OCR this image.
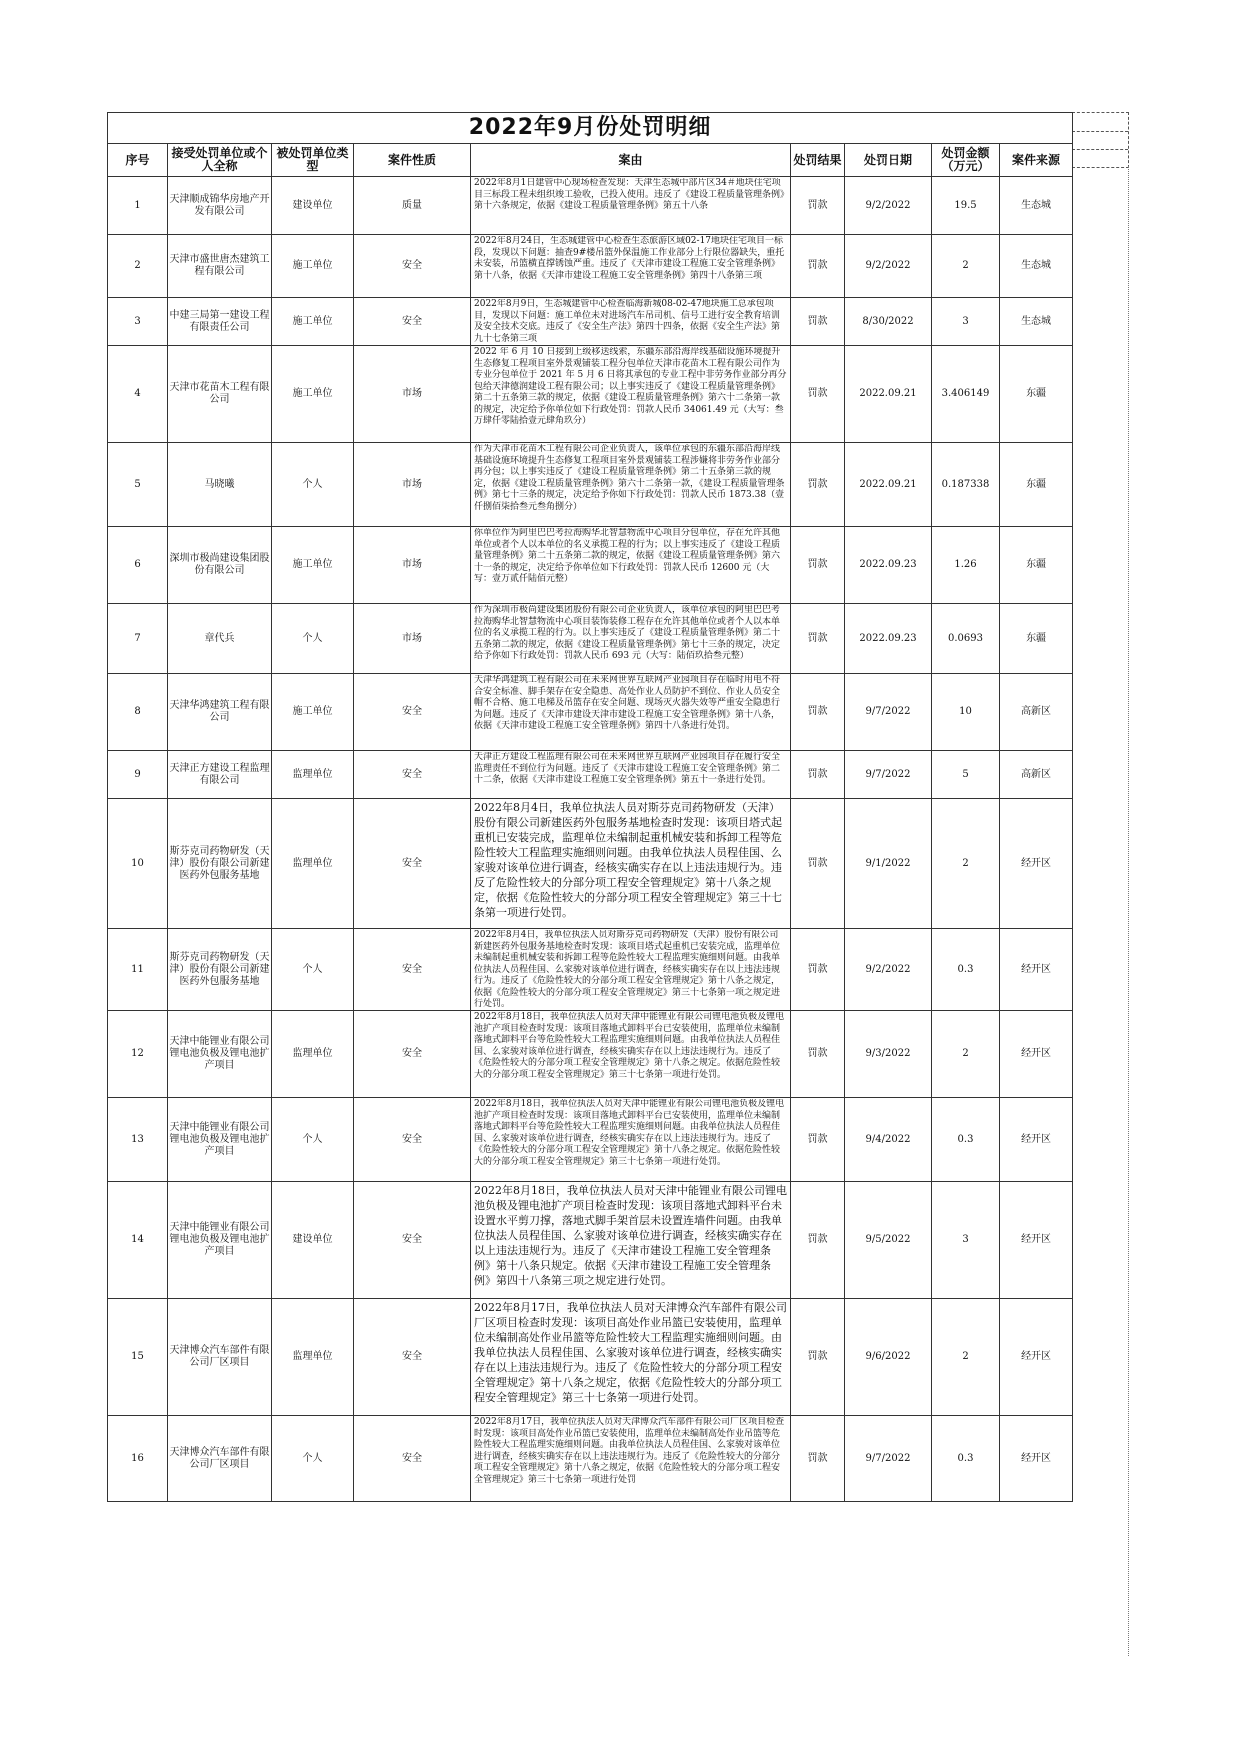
2022年9月份处罚明细								
序号	接受处罚单位或个人全称	被处罚单位类型	案件性质	案由	处罚结果	处罚日期	处罚金额（万元）	案件来源
1	天津顺成锦华房地产开发有限公司	建设单位	质量	2022年8月1日建管中心现场检查发现：天津生态城中部片区34＃地块住宅项目三标段工程未组织竣工验收，已投入使用。违反了《建设工程质量管理条例》第十六条规定，依据《建设工程质量管理条例》第五十八条	罚款	9/2/2022	19.5	生态城
2	天津市盛世唐杰建筑工程有限公司	施工单位	安全	2022年8月24日，生态城建管中心检查生态旅游区域02-17地块住宅项目一标段，发现以下问题：抽查9#楼吊篮外保温施工作业部分上行限位器缺失，重托未安装，吊篮横直撑锈蚀严重。违反了《天津市建设工程施工安全管理条例》第十八条，依据《天津市建设工程施工安全管理条例》第四十八条第三项	罚款	9/2/2022	2	生态城
3	中建三局第一建设工程有限责任公司	施工单位	安全	2022年8月9日，生态城建管中心检查临海新城08-02-47地块施工总承包项目，发现以下问题：施工单位未对进场汽车吊司机、信号工进行安全教育培训及安全技术交底。违反了《安全生产法》第四十四条，依据《安全生产法》第九十七条第三项	罚款	8/30/2022	3	生态城
4	天津市花苗木工程有限公司	施工单位	市场	2022 年 6 月 10 日接到上级移送线索，东疆东部沿海岸线基础设施环境提升生态修复工程项目室外景观铺装工程分包单位天津市花苗木工程有限公司作为专业分包单位于 2021 年 5 月 6 日将其承包的专业工程中非劳务作业部分再分包给天津德润建设工程有限公司；以上事实违反了《建设工程质量管理条例》第二十五条第三款的规定，依据《建设工程质量管理条例》第六十二条第一款的规定，决定给予你单位如下行政处罚：罚款人民币 34061.49 元（大写：叁万肆仟零陆拾壹元肆角玖分）	罚款	2022.09.21	3.406149	东疆
5	马晓曦	个人	市场	作为天津市花苗木工程有限公司企业负责人，该单位承包的东疆东部沿海岸线基础设施环境提升生态修复工程项目室外景观铺装工程涉嫌将非劳务作业部分再分包；以上事实违反了《建设工程质量管理条例》第二十五条第三款的规定，依据《建设工程质量管理条例》第六十二条第一款，《建设工程质量管理条例》第七十三条的规定，决定给予你如下行政处罚：罚款人民币 1873.38（壹仟捌佰柒拾叁元叁角捌分）	罚款	2022.09.21	0.187338	东疆
6	深圳市极尚建设集团股份有限公司	施工单位	市场	你单位作为阿里巴巴考拉海购华北智慧物流中心项目分包单位，存在允许其他单位或者个人以本单位的名义承揽工程的行为；以上事实违反了《建设工程质量管理条例》第二十五条第二款的规定，依据《建设工程质量管理条例》第六十一条的规定，决定给予你单位如下行政处罚：罚款人民币 12600 元（大写：壹万贰仟陆佰元整）	罚款	2022.09.23	1.26	东疆
7	章代兵	个人	市场	作为深圳市极尚建设集团股份有限公司企业负责人，该单位承包的阿里巴巴考拉海购华北智慧物流中心项目装饰装修工程存在允许其他单位或者个人以本单位的名义承揽工程的行为。以上事实违反了《建设工程质量管理条例》第二十五条第二款的规定，依据《建设工程质量管理条例》第七十三条的规定，决定给予你如下行政处罚：罚款人民币 693 元（大写：陆佰玖拾叁元整）	罚款	2022.09.23	0.0693	东疆
8	天津华鸿建筑工程有限公司	施工单位	安全	天津华鸿建筑工程有限公司在未来网世界互联网产业园项目存在临时用电不符合安全标准、脚手架存在安全隐患、高处作业人员防护不到位、作业人员安全帽不合格、施工电梯及吊篮存在安全问题、现场灭火器失效等严重安全隐患行为问题。违反了《天津市建设天津市建设工程施工安全管理条例》第十八条，依据《天津市建设工程施工安全管理条例》第四十八条进行处罚。	罚款	9/7/2022	10	高新区
9	天津正方建设工程监理有限公司	监理单位	安全	天津正方建设工程监理有限公司在未来网世界互联网产业园项目存在履行安全监理责任不到位行为问题。违反了《天津市建设工程施工安全管理条例》第二十二条，依据《天津市建设工程施工安全管理条例》第五十一条进行处罚。	罚款	9/7/2022	5	高新区
10	斯芬克司药物研发（天津）股份有限公司新建医药外包服务基地	监理单位	安全	2022年8月4日，我单位执法人员对斯芬克司药物研发（天津）股份有限公司新建医药外包服务基地检查时发现：该项目塔式起重机已安装完成，监理单位未编制起重机械安装和拆卸工程等危险性较大工程监理实施细则问题。由我单位执法人员程佳国、么家骏对该单位进行调查，经核实确实存在以上违法违规行为。违反了危险性较大的分部分项工程安全管理规定》第十八条之规定，依据《危险性较大的分部分项工程安全管理规定》第三十七条第一项进行处罚。	罚款	9/1/2022	2	经开区
11	斯芬克司药物研发（天津）股份有限公司新建医药外包服务基地	个人	安全	2022年8月4日，我单位执法人员对斯芬克司药物研发（天津）股份有限公司新建医药外包服务基地检查时发现：该项目塔式起重机已安装完成，监理单位未编制起重机械安装和拆卸工程等危险性较大工程监理实施细则问题。由我单位执法人员程佳国、么家骏对该单位进行调查，经核实确实存在以上违法违规行为。违反了《危险性较大的分部分项工程安全管理规定》第十八条之规定，依据《危险性较大的分部分项工程安全管理规定》第三十七条第一项之规定进行处罚。	罚款	9/2/2022	0.3	经开区
12	天津中能锂业有限公司锂电池负极及锂电池扩产项目	监理单位	安全	2022年8月18日，我单位执法人员对天津中能锂业有限公司锂电池负极及锂电池扩产项目检查时发现：该项目落地式卸料平台已安装使用，监理单位未编制落地式卸料平台等危险性较大工程监理实施细则问题。由我单位执法人员程佳国、么家骏对该单位进行调查，经核实确实存在以上违法违规行为。违反了《危险性较大的分部分项工程安全管理规定》第十八条之规定。依据危险性较大的分部分项工程安全管理规定》第三十七条第一项进行处罚。	罚款	9/3/2022	2	经开区
13	天津中能锂业有限公司锂电池负极及锂电池扩产项目	个人	安全	2022年8月18日，我单位执法人员对天津中能锂业有限公司锂电池负极及锂电池扩产项目检查时发现：该项目落地式卸料平台已安装使用，监理单位未编制落地式卸料平台等危险性较大工程监理实施细则问题。由我单位执法人员程佳国、么家骏对该单位进行调查，经核实确实存在以上违法违规行为。违反了《危险性较大的分部分项工程安全管理规定》第十八条之规定。依据危险性较大的分部分项工程安全管理规定》第三十七条第一项进行处罚。	罚款	9/4/2022	0.3	经开区
14	天津中能锂业有限公司锂电池负极及锂电池扩产项目	建设单位	安全	2022年8月18日，我单位执法人员对天津中能锂业有限公司锂电池负极及锂电池扩产项目检查时发现：该项目落地式卸料平台未设置水平剪刀撑，落地式脚手架首层未设置连墙件问题。由我单位执法人员程佳国、么家骏对该单位进行调查，经核实确实存在以上违法违规行为。违反了《天津市建设工程施工安全管理条例》第十八条只规定。依据《天津市建设工程施工安全管理条例》第四十八条第三项之规定进行处罚。	罚款	9/5/2022	3	经开区
15	天津博众汽车部件有限公司厂区项目	监理单位	安全	2022年8月17日，我单位执法人员对天津博众汽车部件有限公司厂区项目检查时发现：该项目高处作业吊篮已安装使用，监理单位未编制高处作业吊篮等危险性较大工程监理实施细则问题。由我单位执法人员程佳国、么家骏对该单位进行调查，经核实确实存在以上违法违规行为。违反了《危险性较大的分部分项工程安全管理规定》第十八条之规定，依据《危险性较大的分部分项工程安全管理规定》第三十七条第一项进行处罚。	罚款	9/6/2022	2	经开区
16	天津博众汽车部件有限公司厂区项目	个人	安全	2022年8月17日，我单位执法人员对天津博众汽车部件有限公司厂区项目检查时发现：该项目高处作业吊篮已安装使用，监理单位未编制高处作业吊篮等危险性较大工程监理实施细则问题。由我单位执法人员程佳国、么家骏对该单位进行调查，经核实确实存在以上违法违规行为。违反了《危险性较大的分部分项工程安全管理规定》第十八条之规定，依据《危险性较大的分部分项工程安全管理规定》第三十七条第一项进行处罚	罚款	9/7/2022	0.3	经开区
